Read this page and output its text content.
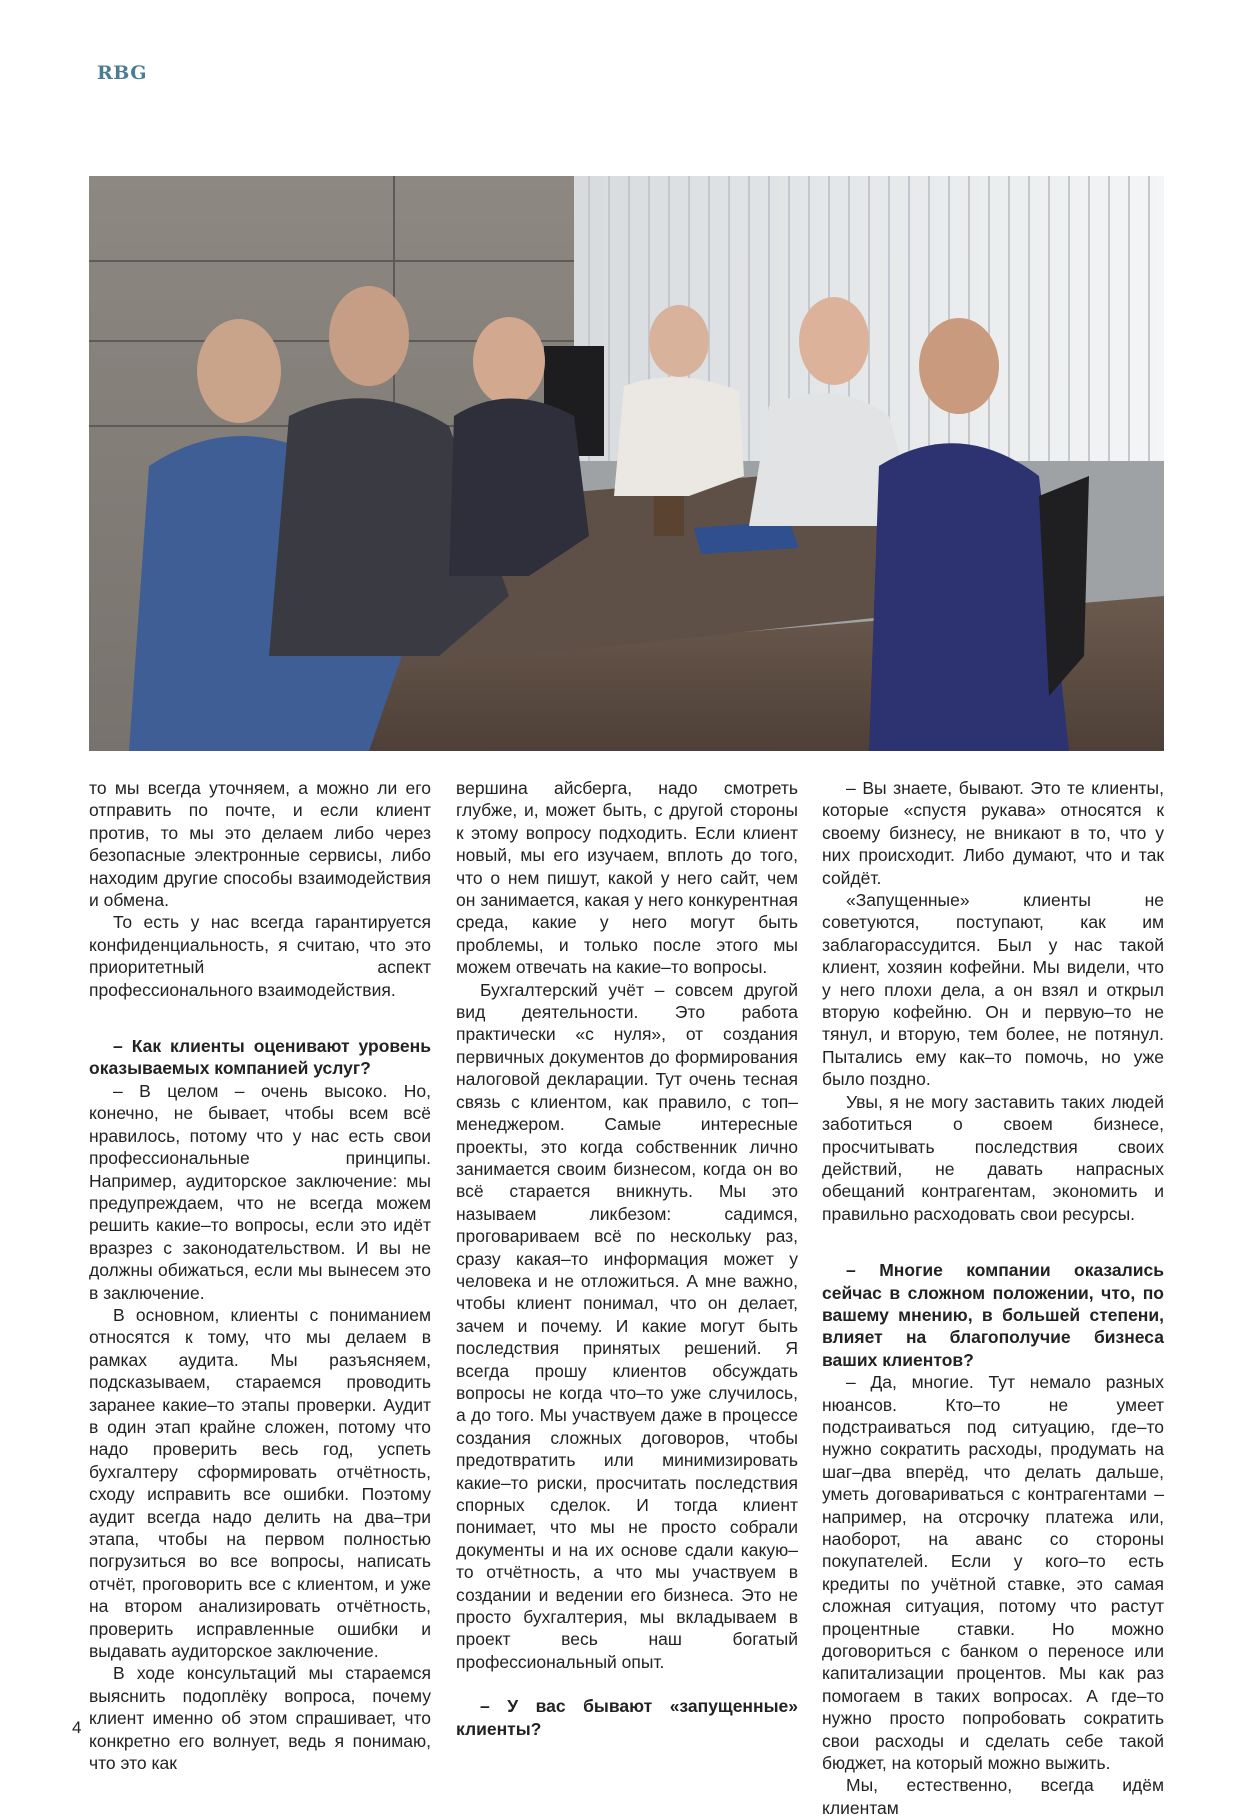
RBG

то мы всегда уточняем, а можно ли его отправить по почте, и если клиент против, то мы это делаем либо через безопасные электронные сервисы, либо находим другие способы взаимодействия и обмена.

То есть у нас всегда гарантируется конфиденциальность, я считаю, что это приоритетный аспект профессионального взаимодействия.

– Как клиенты оценивают уровень оказываемых компанией услуг?

– В целом – очень высоко. Но, конечно, не бывает, чтобы всем всё нравилось, потому что у нас есть свои профессиональные принципы. Например, аудиторское заключение: мы предупреждаем, что не всегда можем решить какие–то вопросы, если это идёт вразрез с законодательством. И вы не должны обижаться, если мы вынесем это в заключение.

В основном, клиенты с пониманием относятся к тому, что мы делаем в рамках аудита. Мы разъясняем, подсказываем, стараемся проводить заранее какие–то этапы проверки. Аудит в один этап крайне сложен, потому что надо проверить весь год, успеть бухгалтеру сформировать отчётность, сходу исправить все ошибки. Поэтому аудит всегда надо делить на два–три этапа, чтобы на первом полностью погрузиться во все вопросы, написать отчёт, проговорить все с клиентом, и уже на втором анализировать отчётность, проверить исправленные ошибки и выдавать аудиторское заключение.

В ходе консультаций мы стараемся выяснить подоплёку вопроса, почему клиент именно об этом спрашивает, что конкретно его волнует, ведь я понимаю, что это как

вершина айсберга, надо смотреть глубже, и, может быть, с другой стороны к этому вопросу подходить. Если клиент новый, мы его изучаем, вплоть до того, что о нем пишут, какой у него сайт, чем он занимается, какая у него конкурентная среда, какие у него могут быть проблемы, и только после этого мы можем отвечать на какие–то вопросы.

Бухгалтерский учёт – совсем другой вид деятельности. Это работа практически «с нуля», от создания первичных документов до формирования налоговой декларации. Тут очень тесная связь с клиентом, как правило, с топ–менеджером. Самые интересные проекты, это когда собственник лично занимается своим бизнесом, когда он во всё старается вникнуть. Мы это называем ликбезом: садимся, проговариваем всё по нескольку раз, сразу какая–то информация может у человека и не отложиться. А мне важно, чтобы клиент понимал, что он делает, зачем и почему. И какие могут быть последствия принятых решений. Я всегда прошу клиентов обсуждать вопросы не когда что–то уже случилось, а до того. Мы участвуем даже в процессе создания сложных договоров, чтобы предотвратить или минимизировать какие–то риски, просчитать последствия спорных сделок. И тогда клиент понимает, что мы не просто собрали документы и на их основе сдали какую–то отчётность, а что мы участвуем в создании и ведении его бизнеса. Это не просто бухгалтерия, мы вкладываем в проект весь наш богатый профессиональный опыт.

– У вас бывают «запущенные» клиенты?

– Вы знаете, бывают. Это те клиенты, которые «спустя рукава» относятся к своему бизнесу, не вникают в то, что у них происходит. Либо думают, что и так сойдёт.

«Запущенные» клиенты не советуются, поступают, как им заблагорассудится. Был у нас такой клиент, хозяин кофейни. Мы видели, что у него плохи дела, а он взял и открыл вторую кофейню. Он и первую–то не тянул, и вторую, тем более, не потянул. Пытались ему как–то помочь, но уже было поздно.

Увы, я не могу заставить таких людей заботиться о своем бизнесе, просчитывать последствия своих действий, не давать напрасных обещаний контрагентам, экономить и правильно расходовать свои ресурсы.

– Многие компании оказались сейчас в сложном положении, что, по вашему мнению, в большей степени, влияет на благополучие бизнеса ваших клиентов?

– Да, многие. Тут немало разных нюансов. Кто–то не умеет подстраиваться под ситуацию, где–то нужно сократить расходы, продумать на шаг–два вперёд, что делать дальше, уметь договариваться с контрагентами – например, на отсрочку платежа или, наоборот, на аванс со стороны покупателей. Если у кого–то есть кредиты по учётной ставке, это самая сложная ситуация, потому что растут процентные ставки. Но можно договориться с банком о переносе или капитализации процентов. Мы как раз помогаем в таких вопросах. А где–то нужно просто попробовать сократить свои расходы и сделать себе такой бюджет, на который можно выжить.

Мы, естественно, всегда идём клиентам

4
